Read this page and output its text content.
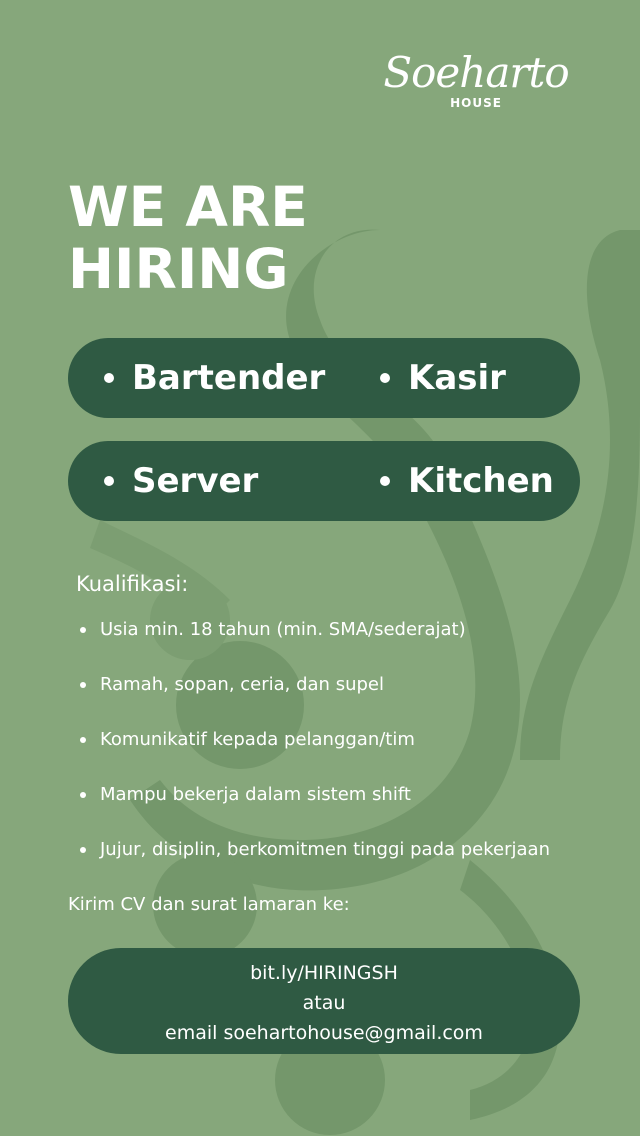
Soeharto
HOUSE
WE ARE
HIRING
Bartender Kasir
Server	Kitchen
Kualifikasi:
Usia min. 18 tahun (min. SMA/sederajat)
Ramah, sopan, ceria, dan supel
Komunikatif kepada pelanggan/tim
Mampu bekerja dalam sistem shift
Jujur, disiplin, berkomitmen tinggi pada pekerjaan
Kirim CV dan surat lamaran ke:
bit.ly/HIRINGSH
atau
email soehartohouse@gmail.com
